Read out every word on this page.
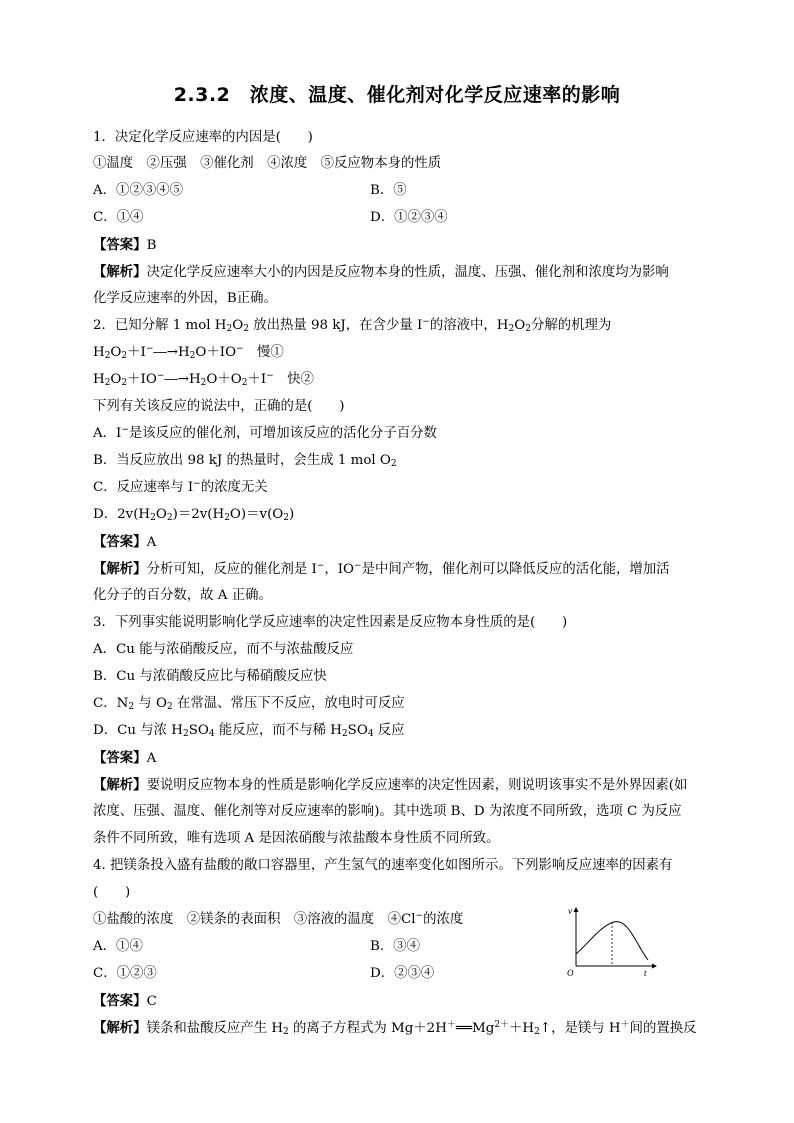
2.3.2　浓度、温度、催化剂对化学反应速率的影响
1．决定化学反应速率的内因是(　　)
①温度　②压强　③催化剂　④浓度　⑤反应物本身的性质
A．①②③④⑤	B．⑤
C．①④	D．①②③④
【答案】B
【解析】决定化学反应速率大小的内因是反应物本身的性质，温度、压强、催化剂和浓度均为影响
化学反应速率的外因，B正确。
2．已知分解 1 mol $H_2O_2$ 放出热量 98 kJ，在含少量 I−的溶液中，$H_2O_2$分解的机理为
$H_2O_2+I^-―\to H_2O+IO^-$　慢①
$H_2O_2+IO^-―\to H_2O+O_2+I^-$　快②
下列有关该反应的说法中，正确的是(　　)
A．I−是该反应的催化剂，可增加该反应的活化分子百分数
B．当反应放出 98 kJ 的热量时，会生成 1 mol $O_2$
C．反应速率与 I−的浓度无关
D．$2v(H_2O_2)=2v(H_2O)=v(O_2)$
【答案】A
【解析】分析可知，反应的催化剂是 I−，IO−是中间产物，催化剂可以降低反应的活化能，增加活
化分子的百分数，故 A 正确。
3．下列事实能说明影响化学反应速率的决定性因素是反应物本身性质的是(　　)
A．Cu 能与浓硝酸反应，而不与浓盐酸反应
B．Cu 与浓硝酸反应比与稀硝酸反应快
C．$N_2$ 与 $O_2$ 在常温、常压下不反应，放电时可反应
D．Cu 与浓 $H_2SO_4$ 能反应，而不与稀 $H_2SO_4$ 反应
【答案】A
【解析】要说明反应物本身的性质是影响化学反应速率的决定性因素，则说明该事实不是外界因素(如
浓度、压强、温度、催化剂等对反应速率的影响)。其中选项 B、D 为浓度不同所致，选项 C 为反应
条件不同所致，唯有选项 A 是因浓硝酸与浓盐酸本身性质不同所致。
4. 把镁条投入盛有盐酸的敞口容器里，产生氢气的速率变化如图所示。下列影响反应速率的因素有
(　　)
①盐酸的浓度　②镁条的表面积　③溶液的温度　④Cl−的浓度
A．①④	B．③④
C．①②③	D．②③④
【答案】C
【解析】镁条和盐酸反应产生 $H_2$ 的离子方程式为 $Mg+2H^+══Mg^{2+}+H_2↑$，是镁与 H＋间的置换反
v
O	t
